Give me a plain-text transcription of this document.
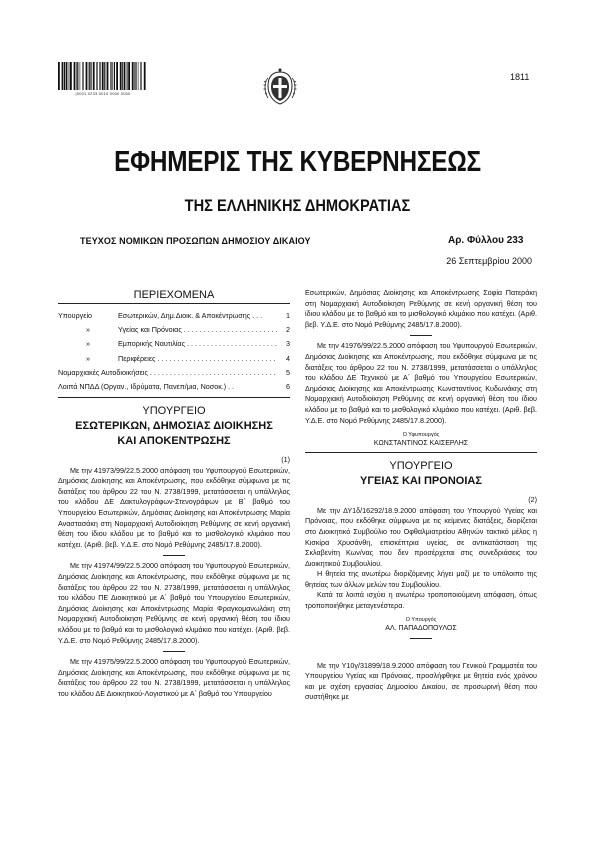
|0001 0233 0010 0000 0000
1811
ΕΦΗΜΕΡΙΣ ΤΗΣ ΚΥΒΕΡΝΗΣΕΩΣ
ΤΗΣ ΕΛΛΗΝΙΚΗΣ ΔΗΜΟΚΡΑΤΙΑΣ
ΤΕΥΧΟΣ ΝΟΜΙΚΩΝ ΠΡΟΣΩΠΩΝ ΔΗΜΟΣΙΟΥ ΔΙΚΑΙΟΥ	Αρ. Φύλλου 233
26 Σεπτεμβρίου 2000
ΠΕΡΙΕΧΟΜΕΝΑ
Υπουργείο	Εσωτερικών, Δημ.Διοικ. & Αποκέντρωσης . . .	1
»	Υγείας και Πρόνοιας . . . . . . . . . . . . . . . . . . . . . . . .	2
»	Εμπορικής Ναυτιλίας . . . . . . . . . . . . . . . . . . . . . . .	3
»	Περιφέρειες . . . . . . . . . . . . . . . . . . . . . . . . . . . . . .	4
Νομαρχιακές Αυτοδιοικήσεις . . . . . . . . . . . . . . . . . . . . . . . . . . . . . . . .	5
Λοιπά ΝΠΔΔ (Οργαν., Ιδρύματα, Πανεπ/μια, Νοσοκ.) . .	6
ΥΠΟΥΡΓΕΙΟ
ΕΣΩΤΕΡΙΚΩΝ, ΔΗΜΟΣΙΑΣ ΔΙΟΙΚΗΣΗΣ
ΚΑΙ ΑΠΟΚΕΝΤΡΩΣΗΣ
(1)

Με την 41973/99/22.5.2000 απόφαση του Υφυπουργού Εσωτερικών, Δημόσιας Διοίκησης και Αποκέντρωσης, που εκδόθηκε σύμφωνα με τις διατάξεις του άρθρου 22 του Ν. 2738/1999, μετατάσσεται η υπάλληλος του κλάδου ΔΕ Δακτυλογράφων-Στενογράφων με Β΄ βαθμό του Υπουργείου Εσωτερικών, Δημόσιας Διοίκησης και Αποκέντρωσης Μαρία Αναστασάκη στη Νομαρχιακή Αυτοδιοίκηση Ρεθύμνης σε κενή οργανική θέση του ίδιου κλάδου με το βαθμό και το μισθολογικό κλιμάκιο που κατέχει. (Αριθ. βεβ. Υ.Δ.Ε. στο Νομό Ρεθύμνης 2485/17.8.2000).

Με την 41974/99/22.5.2000 απόφαση του Υφυπουργού Εσωτερικών, Δημόσιας Διοίκησης και Αποκέντρωσης, που εκδόθηκε σύμφωνα με τις διατάξεις του άρθρου 22 του Ν. 2738/1999, μετατάσσεται η υπάλληλος του κλάδου ΠΕ Διοικητικού με Α΄ βαθμό του Υπουργείου Εσωτερικών, Δημόσιας Διοίκησης και Αποκέντρωσης Μαρία Φραγκομανωλάκη στη Νομαρχιακή Αυτοδιοίκηση Ρεθύμνης σε κενή οργανική θέση του ίδιου κλάδου με το βαθμό και το μισθολογικό κλιμάκιο που κατέχει. (Αριθ. βεβ. Υ.Δ.Ε. στο Νομό Ρεθύμνης 2485/17.8.2000).

Με την 41975/99/22.5.2000 απόφαση του Υφυπουργού Εσωτερικών, Δημόσιας Διοίκησης και Αποκέντρωσης, που εκδόθηκε σύμφωνα με τις διατάξεις του άρθρου 22 του Ν. 2738/1999, μετατάσσεται η υπάλληλος του κλάδου ΔΕ Διοικητικού-Λογιστικού με Α΄ βαθμό του Υπουργείου

Εσωτερικών, Δημόσιας Διοίκησης και Αποκέντρωσης Σοφία Πατεράκη στη Νομαρχιακή Αυτοδιοίκηση Ρεθύμνης σε κενή οργανική θέση του ίδιου κλάδου με το βαθμό και το μισθολογικό κλιμάκιο που κατέχει. (Αριθ. βεβ. Υ.Δ.Ε. στο Νομό Ρεθύμνης 2485/17.8.2000).

Με την 41976/99/22.5.2000 απόφαση του Υφυπουργού Εσωτερικών, Δημόσιας Διοίκησης και Αποκέντρωσης, που εκδόθηκε σύμφωνα με τις διατάξεις του άρθρου 22 του Ν. 2738/1999, μετατάσσεται ο υπάλληλος του κλάδου ΔΕ Τεχνικού με Α΄ βαθμό του Υπουργείου Εσωτερικών, Δημόσιας Διοίκησης και Αποκέντρωσης Κωνσταντίνος Κυδωνάκης στη Νομαρχιακή Αυτοδιοίκηση Ρεθύμνης σε κενή οργανική θέση του ίδιου κλάδου με το βαθμό και το μισθολογικό κλιμάκιο που κατέχει. (Αριθ. βεβ. Υ.Δ.Ε. στο Νομό Ρεθύμνης 2485/17.8.2000).

Ο Υφυπουργός
ΚΩΝΣΤΑΝΤΙΝΟΣ ΚΑΙΣΕΡΛΗΣ
ΥΠΟΥΡΓΕΙΟ
ΥΓΕΙΑΣ ΚΑΙ ΠΡΟΝΟΙΑΣ
(2)

Με την ΔΥ1δ/16292/18.9.2000 απόφαση του Υπουργού Υγείας και Πρόνοιας, που εκδόθηκε σύμφωνα με τις κείμενες διατάξεις, διορίζεται στο Διοικητικό Συμβούλιο του Οφθαλμιατρείου Αθηνών τακτικό μέλος η Κισκίρα Χρυσάνθη, επισκέπτρια υγείας, σε αντικατάσταση της Σκλαβενίτη Κων/νας που δεν προσέρχεται στις συνεδριάσεις του Διοικητικού Συμβουλίου.

Η θητεία της ανωτέρω διοριζόμενης λήγει μαζί με το υπόλοιπο της θητείας των άλλων μελών του Συμβουλίου.

Κατά τα λοιπά ισχύει η ανωτέρω τροποποιούμενη απόφαση, όπως τροποποιήθηκε μεταγενέστερα.

Ο Υπουργός
ΑΛ. ΠΑΠΑΔΟΠΟΥΛΟΣ

Με την Υ10γ/31899/18.9.2000 απόφαση του Γενικού Γραμματέα του Υπουργείου Υγείας και Πρόνοιας, προσλήφθηκε με θητεία ενός χρόνου και με σχέση εργασίας Δημοσίου Δικαίου, σε προσωρινή θέση που συστήθηκε με
